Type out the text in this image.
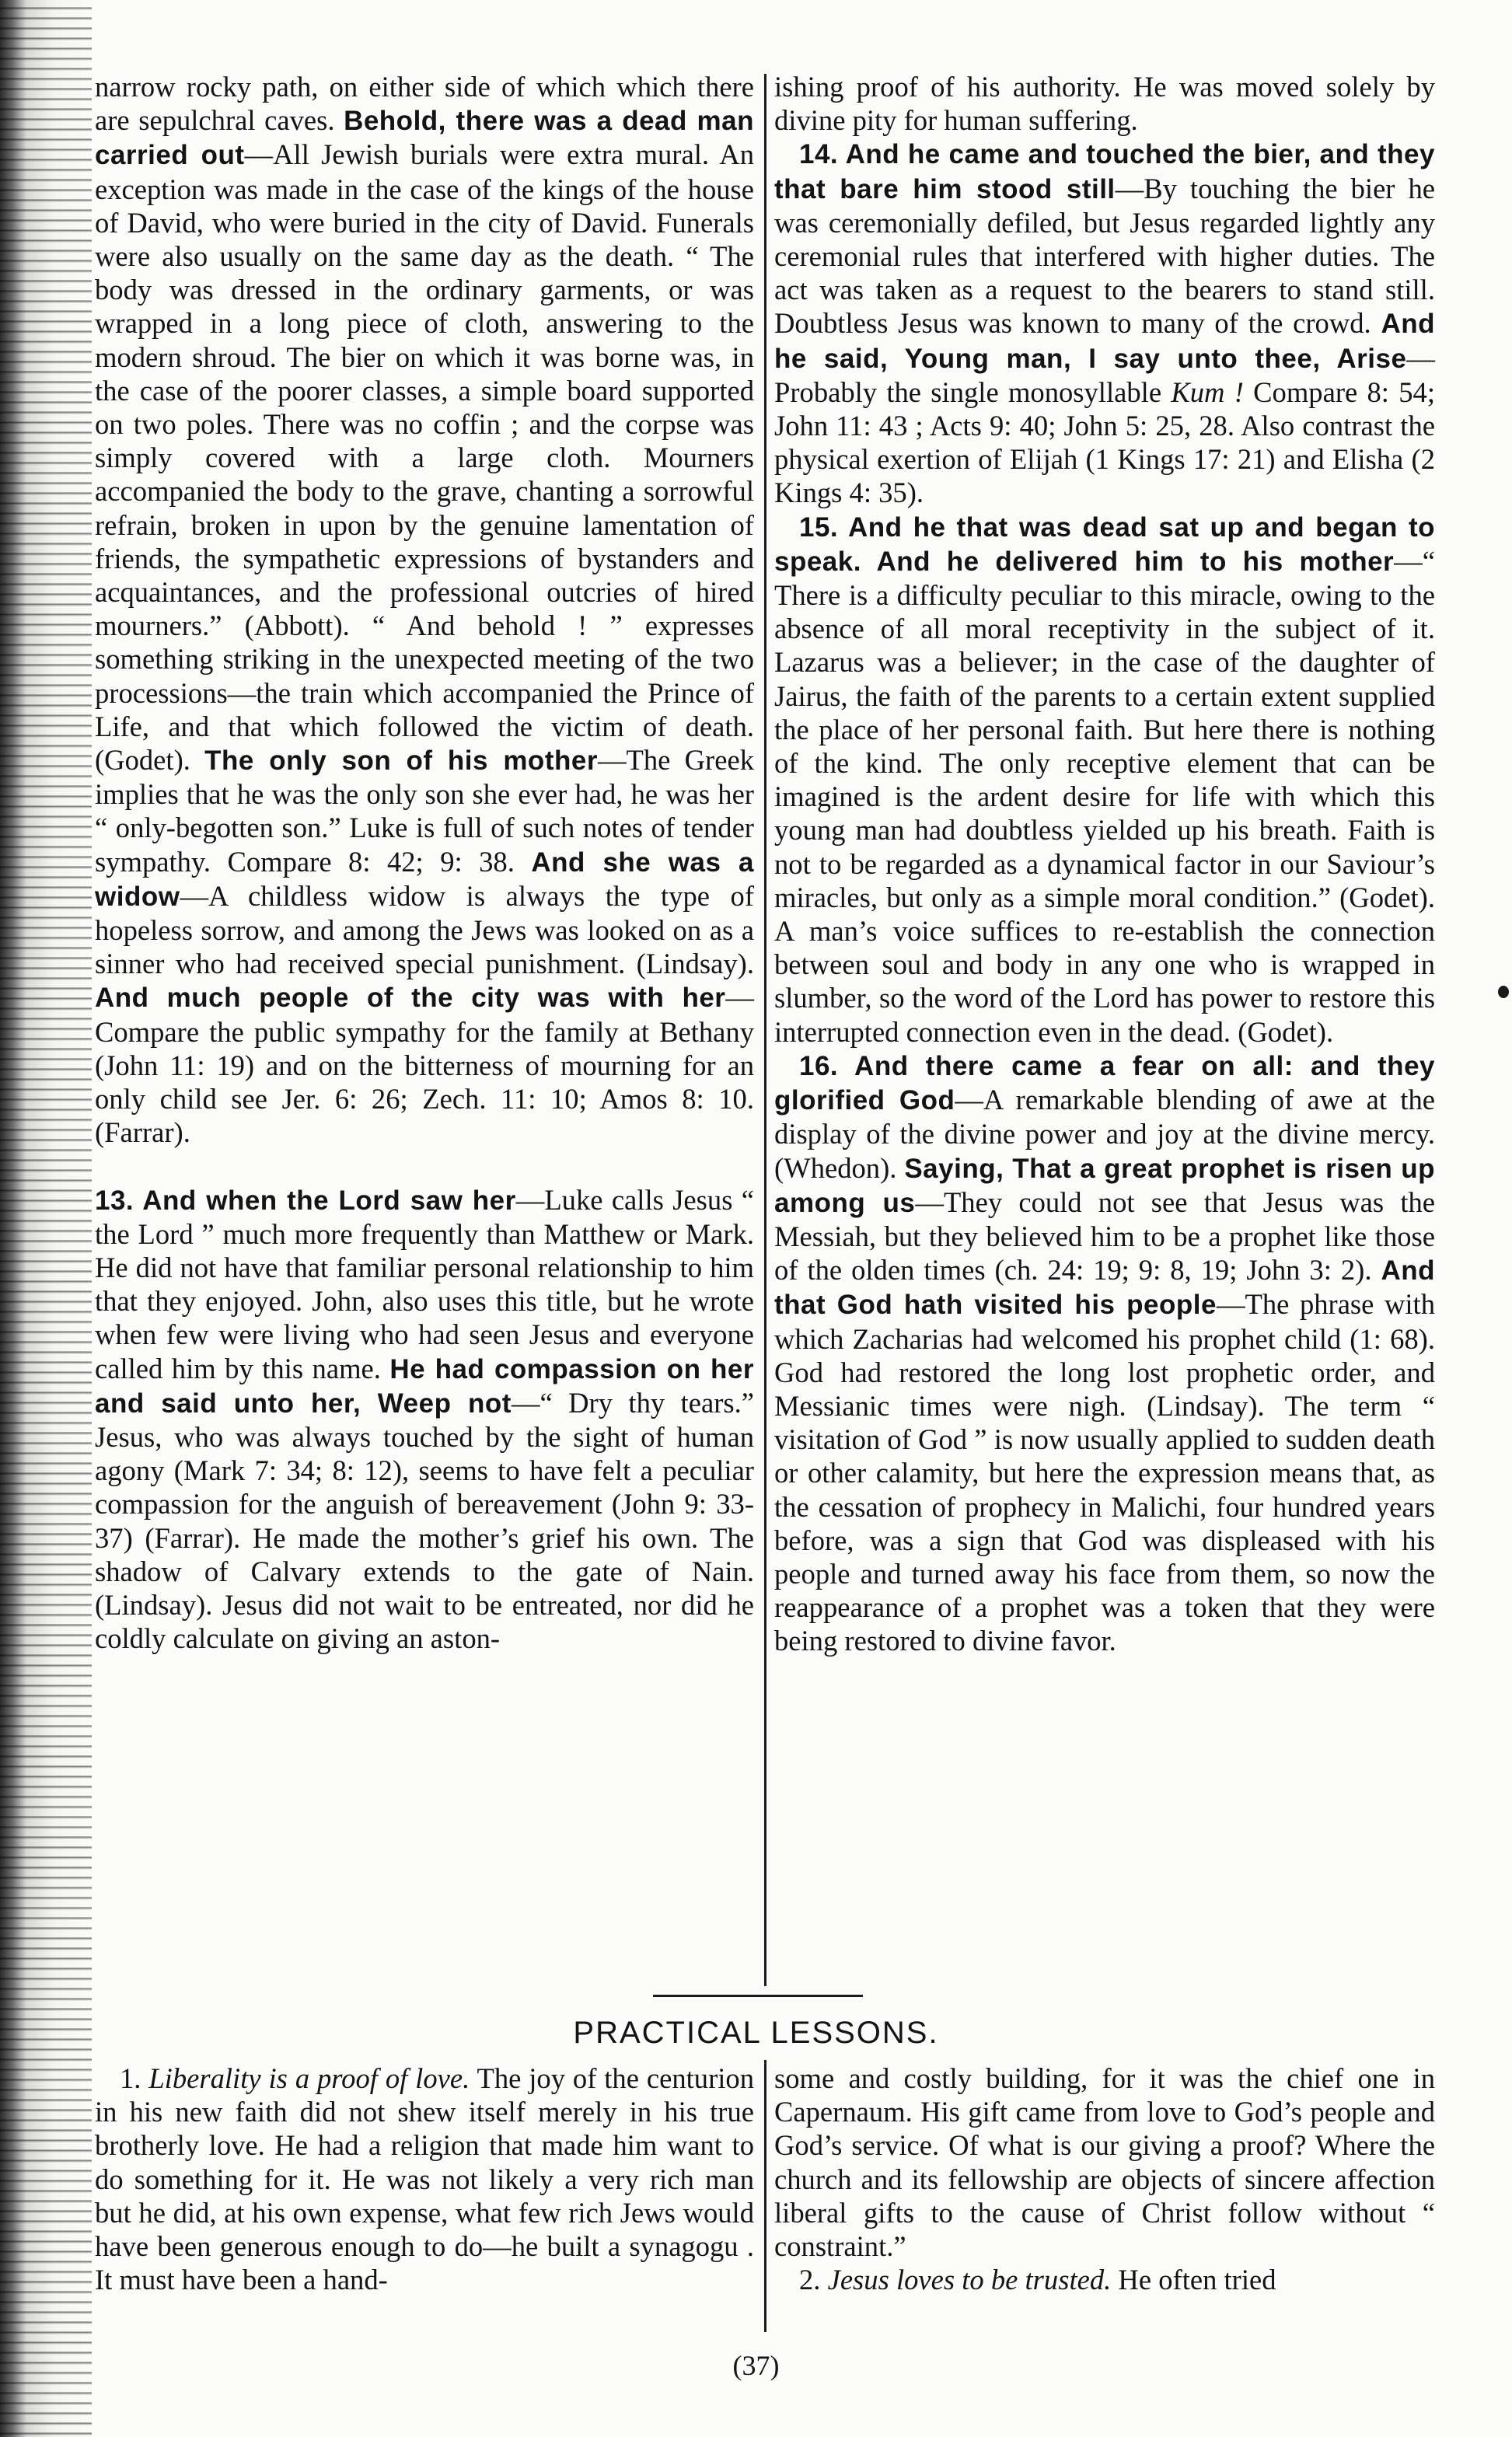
narrow rocky path, on either side of which which there are sepulchral caves. Behold, there was a dead man carried out—All Jewish burials were extra mural. An exception was made in the case of the kings of the house of David, who were buried in the city of David. Funerals were also usually on the same day as the death. “ The body was dressed in the ordinary garments, or was wrapped in a long piece of cloth, answering to the modern shroud. The bier on which it was borne was, in the case of the poorer classes, a simple board supported on two poles. There was no coffin ; and the corpse was simply covered with a large cloth. Mourners accompanied the body to the grave, chanting a sorrowful refrain, broken in upon by the genuine lamentation of friends, the sympathetic expressions of bystanders and acquaintances, and the professional outcries of hired mourners.” (Abbott). “ And behold ! ” expresses something striking in the unexpected meeting of the two processions—the train which accompanied the Prince of Life, and that which followed the victim of death. (Godet). The only son of his mother—The Greek implies that he was the only son she ever had, he was her “ only-begotten son.” Luke is full of such notes of tender sympathy. Compare 8: 42; 9: 38. And she was a widow—A childless widow is always the type of hopeless sorrow, and among the Jews was looked on as a sinner who had received special punishment. (Lindsay). And much people of the city was with her—Compare the public sympathy for the family at Bethany (John 11: 19) and on the bitterness of mourning for an only child see Jer. 6: 26; Zech. 11: 10; Amos 8: 10. (Farrar).

13. And when the Lord saw her—Luke calls Jesus “ the Lord ” much more frequently than Matthew or Mark. He did not have that familiar personal relationship to him that they enjoyed. John, also uses this title, but he wrote when few were living who had seen Jesus and everyone called him by this name. He had compassion on her and said unto her, Weep not—“ Dry thy tears.” Jesus, who was always touched by the sight of human agony (Mark 7: 34; 8: 12), seems to have felt a peculiar compassion for the anguish of bereavement (John 9: 33-37) (Farrar). He made the mother’s grief his own. The shadow of Calvary extends to the gate of Nain. (Lindsay). Jesus did not wait to be entreated, nor did he coldly calculate on giving an aston-

ishing proof of his authority. He was moved solely by divine pity for human suffering.

14. And he came and touched the bier, and they that bare him stood still—By touching the bier he was ceremonially defiled, but Jesus regarded lightly any ceremonial rules that interfered with higher duties. The act was taken as a request to the bearers to stand still. Doubtless Jesus was known to many of the crowd. And he said, Young man, I say unto thee, Arise—Probably the single monosyllable Kum ! Compare 8: 54; John 11: 43 ; Acts 9: 40; John 5: 25, 28. Also contrast the physical exertion of Elijah (1 Kings 17: 21) and Elisha (2 Kings 4: 35).

15. And he that was dead sat up and began to speak. And he delivered him to his mother—“ There is a difficulty peculiar to this miracle, owing to the absence of all moral receptivity in the subject of it. Lazarus was a believer; in the case of the daughter of Jairus, the faith of the parents to a certain extent supplied the place of her personal faith. But here there is nothing of the kind. The only receptive element that can be imagined is the ardent desire for life with which this young man had doubtless yielded up his breath. Faith is not to be regarded as a dynamical factor in our Saviour’s miracles, but only as a simple moral condition.” (Godet). A man’s voice suffices to re-establish the connection between soul and body in any one who is wrapped in slumber, so the word of the Lord has power to restore this interrupted connection even in the dead. (Godet).

16. And there came a fear on all: and they glorified God—A remarkable blending of awe at the display of the divine power and joy at the divine mercy. (Whedon). Saying, That a great prophet is risen up among us—They could not see that Jesus was the Messiah, but they believed him to be a prophet like those of the olden times (ch. 24: 19; 9: 8, 19; John 3: 2). And that God hath visited his people—The phrase with which Zacharias had welcomed his prophet child (1: 68). God had restored the long lost prophetic order, and Messianic times were nigh. (Lindsay). The term “ visitation of God ” is now usually applied to sudden death or other calamity, but here the expression means that, as the cessation of prophecy in Malichi, four hundred years before, was a sign that God was displeased with his people and turned away his face from them, so now the reappearance of a prophet was a token that they were being restored to divine favor.

PRACTICAL LESSONS.

1. Liberality is a proof of love. The joy of the centurion in his new faith did not shew itself merely in his true brotherly love. He had a religion that made him want to do something for it. He was not likely a very rich man but he did, at his own expense, what few rich Jews would have been generous enough to do—he built a synagogu . It must have been a hand-

some and costly building, for it was the chief one in Capernaum. His gift came from love to God’s people and God’s service. Of what is our giving a proof? Where the church and its fellowship are objects of sincere affection liberal gifts to the cause of Christ follow without “ constraint.”

2. Jesus loves to be trusted. He often tried

(37)
